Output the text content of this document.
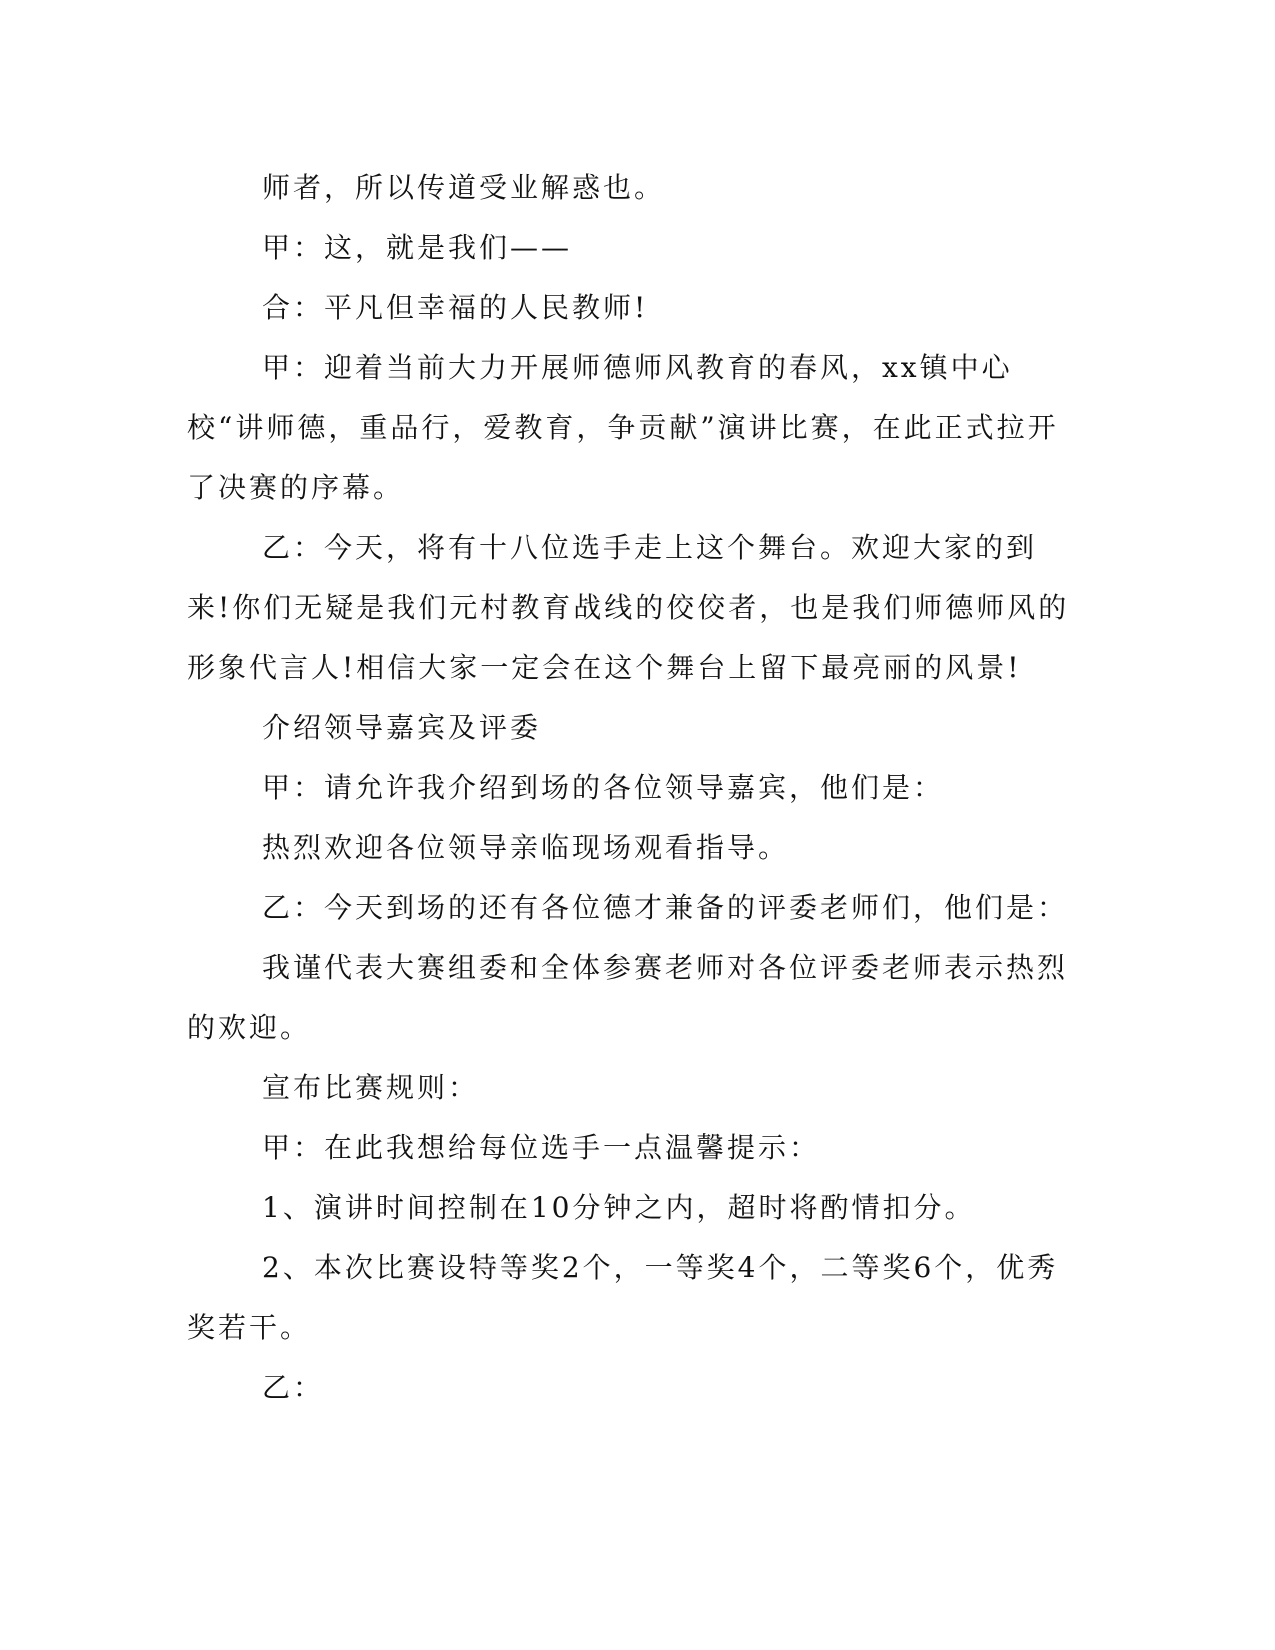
师者，所以传道受业解惑也。

甲：这，就是我们——

合：平凡但幸福的人民教师!

甲：迎着当前大力开展师德师风教育的春风，xx镇中心校“讲师德，重品行，爱教育，争贡献”演讲比赛，在此正式拉开了决赛的序幕。

乙：今天，将有十八位选手走上这个舞台。欢迎大家的到来!你们无疑是我们元村教育战线的佼佼者，也是我们师德师风的形象代言人!相信大家一定会在这个舞台上留下最亮丽的风景!

介绍领导嘉宾及评委

甲：请允许我介绍到场的各位领导嘉宾，他们是：

热烈欢迎各位领导亲临现场观看指导。

乙：今天到场的还有各位德才兼备的评委老师们，他们是：

我谨代表大赛组委和全体参赛老师对各位评委老师表示热烈的欢迎。

宣布比赛规则：

甲：在此我想给每位选手一点温馨提示：

1、演讲时间控制在10分钟之内，超时将酌情扣分。

2、本次比赛设特等奖2个，一等奖4个，二等奖6个，优秀奖若干。

乙：
